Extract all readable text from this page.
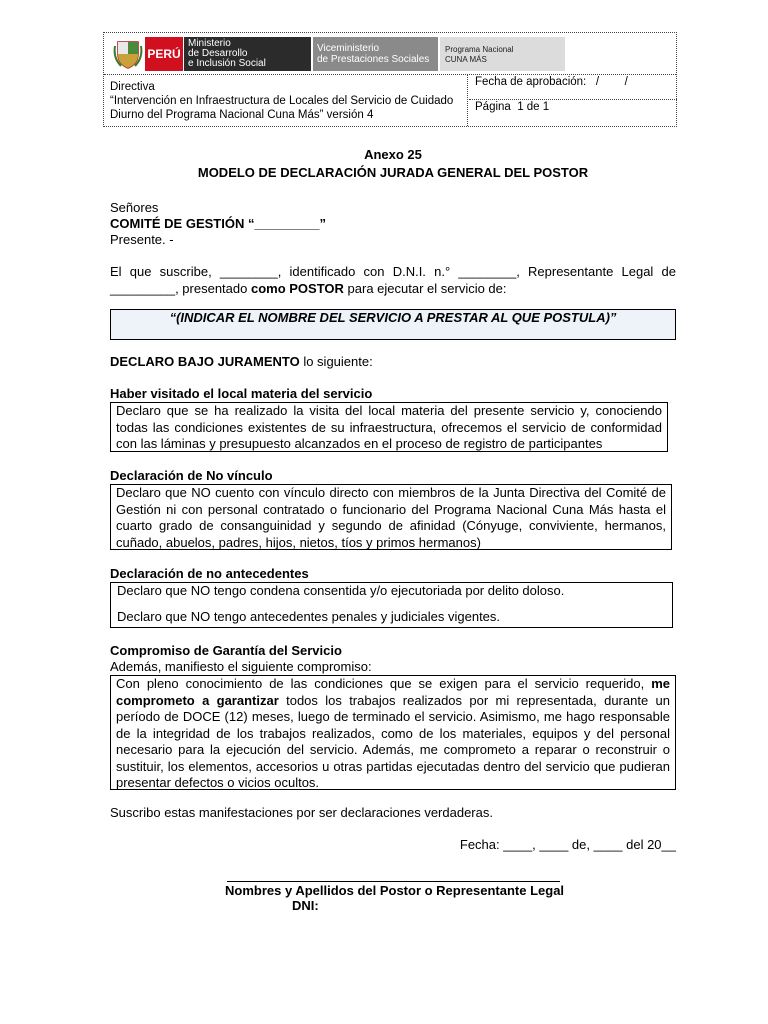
PERÚ
Ministerio
de Desarrollo
e Inclusión Social
Viceministerio
de Prestaciones Sociales
Programa Nacional
CUNA MÁS
Directiva
“Intervención en Infraestructura de Locales del Servicio de Cuidado
Diurno del Programa Nacional Cuna Más” versión 4
Fecha de aprobación:   /        /
Página  1 de 1
Anexo 25
MODELO DE DECLARACIÓN JURADA GENERAL DEL POSTOR
Señores
COMITÉ DE GESTIÓN “_________”
Presente. -
El que suscribe, ________, identificado con D.N.I. n.° ________, Representante Legal de
_________, presentado como POSTOR para ejecutar el servicio de:
“(INDICAR EL NOMBRE DEL SERVICIO A PRESTAR AL QUE POSTULA)”
DECLARO BAJO JURAMENTO lo siguiente:
Haber visitado el local materia del servicio
Declaro que se ha realizado la visita del local materia del presente servicio y, conociendo
todas las condiciones existentes de su infraestructura, ofrecemos el servicio de conformidad
con las láminas y presupuesto alcanzados en el proceso de registro de participantes
Declaración de No vínculo
Declaro que NO cuento con vínculo directo con miembros de la Junta Directiva del Comité de
Gestión ni con personal contratado o funcionario del Programa Nacional Cuna Más hasta el
cuarto grado de consanguinidad y segundo de afinidad (Cónyuge, conviviente, hermanos,
cuñado, abuelos, padres, hijos, nietos, tíos y primos hermanos)
Declaración de no antecedentes
Declaro que NO tengo condena consentida y/o ejecutoriada por delito doloso.
Declaro que NO tengo antecedentes penales y judiciales vigentes.
Compromiso de Garantía del Servicio
Además, manifiesto el siguiente compromiso:
Con pleno conocimiento de las condiciones que se exigen para el servicio requerido, me
comprometo a garantizar todos los trabajos realizados por mi representada, durante un
período de DOCE (12) meses, luego de terminado el servicio. Asimismo, me hago responsable
de la integridad de los trabajos realizados, como de los materiales, equipos y del personal
necesario para la ejecución del servicio. Además, me comprometo a reparar o reconstruir o
sustituir, los elementos, accesorios u otras partidas ejecutadas dentro del servicio que pudieran
presentar defectos o vicios ocultos.
Suscribo estas manifestaciones por ser declaraciones verdaderas.
Fecha: ____, ____ de, ____ del 20__
Nombres y Apellidos del Postor o Representante Legal
DNI:
